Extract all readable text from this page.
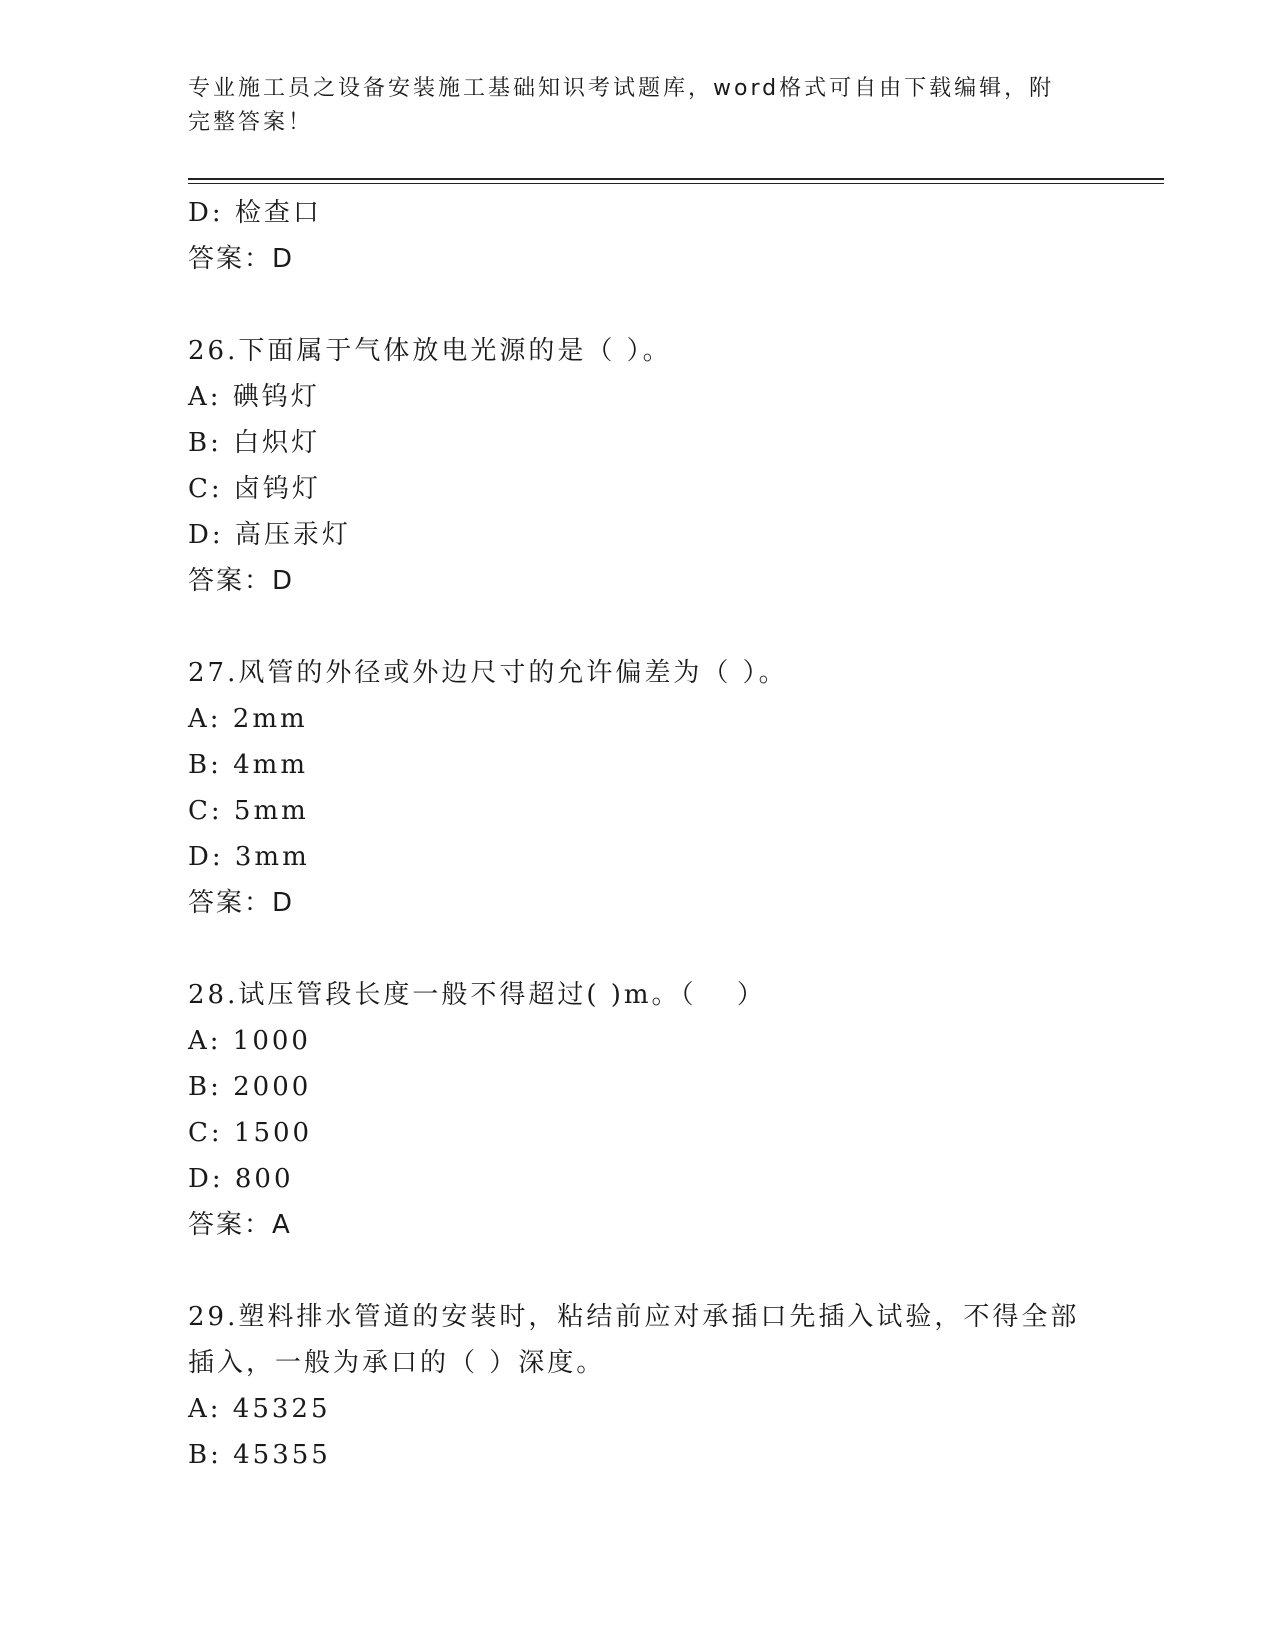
专业施工员之设备安装施工基础知识考试题库，word格式可自由下载编辑，附完整答案！
D: 检查口
答案：D
26.下面属于气体放电光源的是（ ）。
A: 碘钨灯
B: 白炽灯
C: 卤钨灯
D: 高压汞灯
答案：D
27.风管的外径或外边尺寸的允许偏差为（ ）。
A: 2mm
B: 4mm
C: 5mm
D: 3mm
答案：D
28.试压管段长度一般不得超过( )m。（　 ）
A: 1000
B: 2000
C: 1500
D: 800
答案：A
29.塑料排水管道的安装时，粘结前应对承插口先插入试验，不得全部插入，一般为承口的（ ）深度。
A: 45325
B: 45355
